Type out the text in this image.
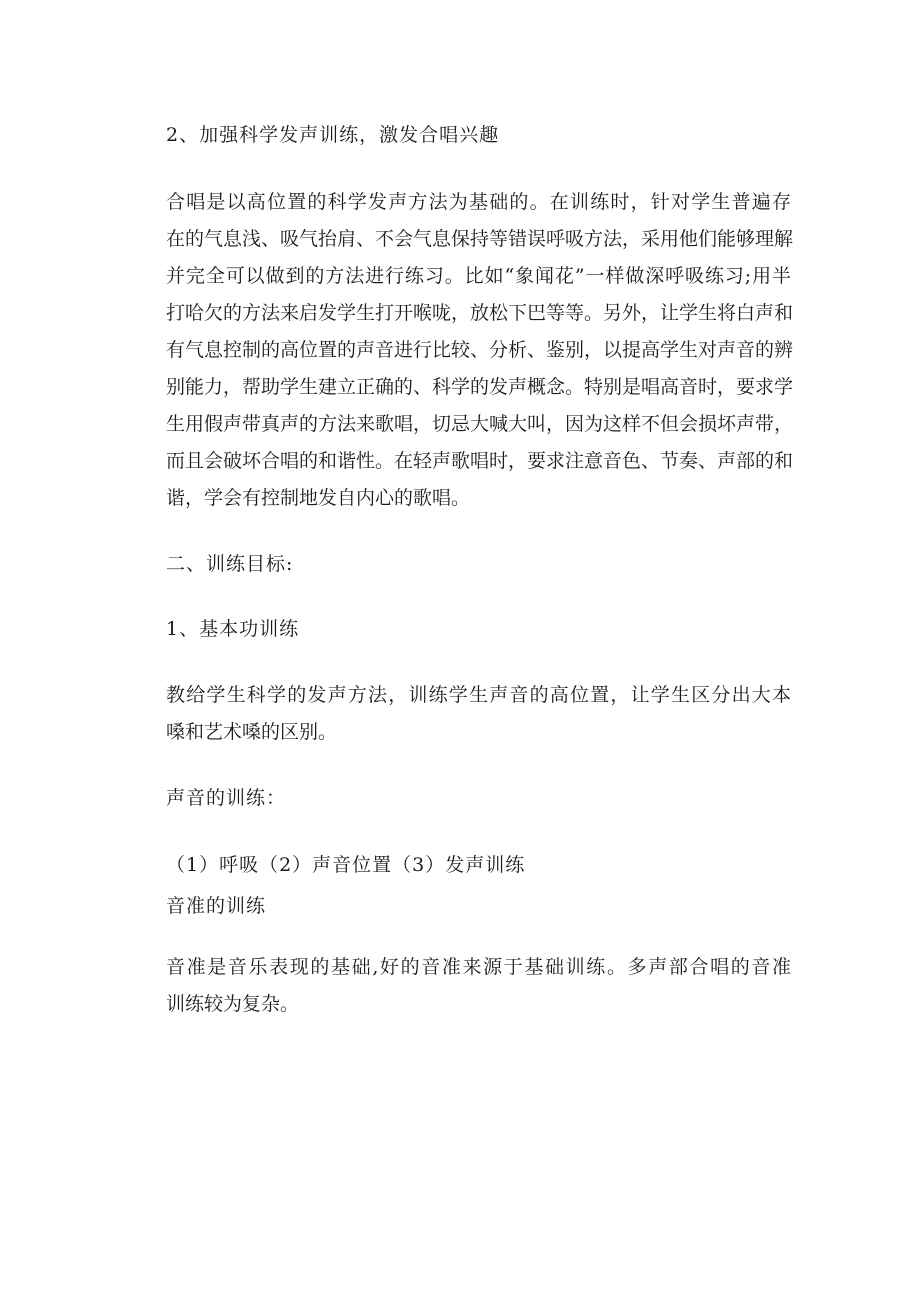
2、加强科学发声训练，激发合唱兴趣
合唱是以高位置的科学发声方法为基础的。在训练时，针对学生普遍存
在的气息浅、吸气抬肩、不会气息保持等错误呼吸方法，采用他们能够理解
并完全可以做到的方法进行练习。比如“象闻花”一样做深呼吸练习;用半
打哈欠的方法来启发学生打开喉咙，放松下巴等等。另外，让学生将白声和
有气息控制的高位置的声音进行比较、分析、鉴别，以提高学生对声音的辨
别能力，帮助学生建立正确的、科学的发声概念。特别是唱高音时，要求学
生用假声带真声的方法来歌唱，切忌大喊大叫，因为这样不但会损坏声带，
而且会破坏合唱的和谐性。在轻声歌唱时，要求注意音色、节奏、声部的和
谐，学会有控制地发自内心的歌唱。
二、训练目标:
1、基本功训练
教给学生科学的发声方法，训练学生声音的高位置，让学生区分出大本
嗓和艺术嗓的区别。
声音的训练：
（1）呼吸（2）声音位置（3）发声训练
音准的训练
音准是音乐表现的基础,好的音准来源于基础训练。多声部合唱的音准
训练较为复杂。
